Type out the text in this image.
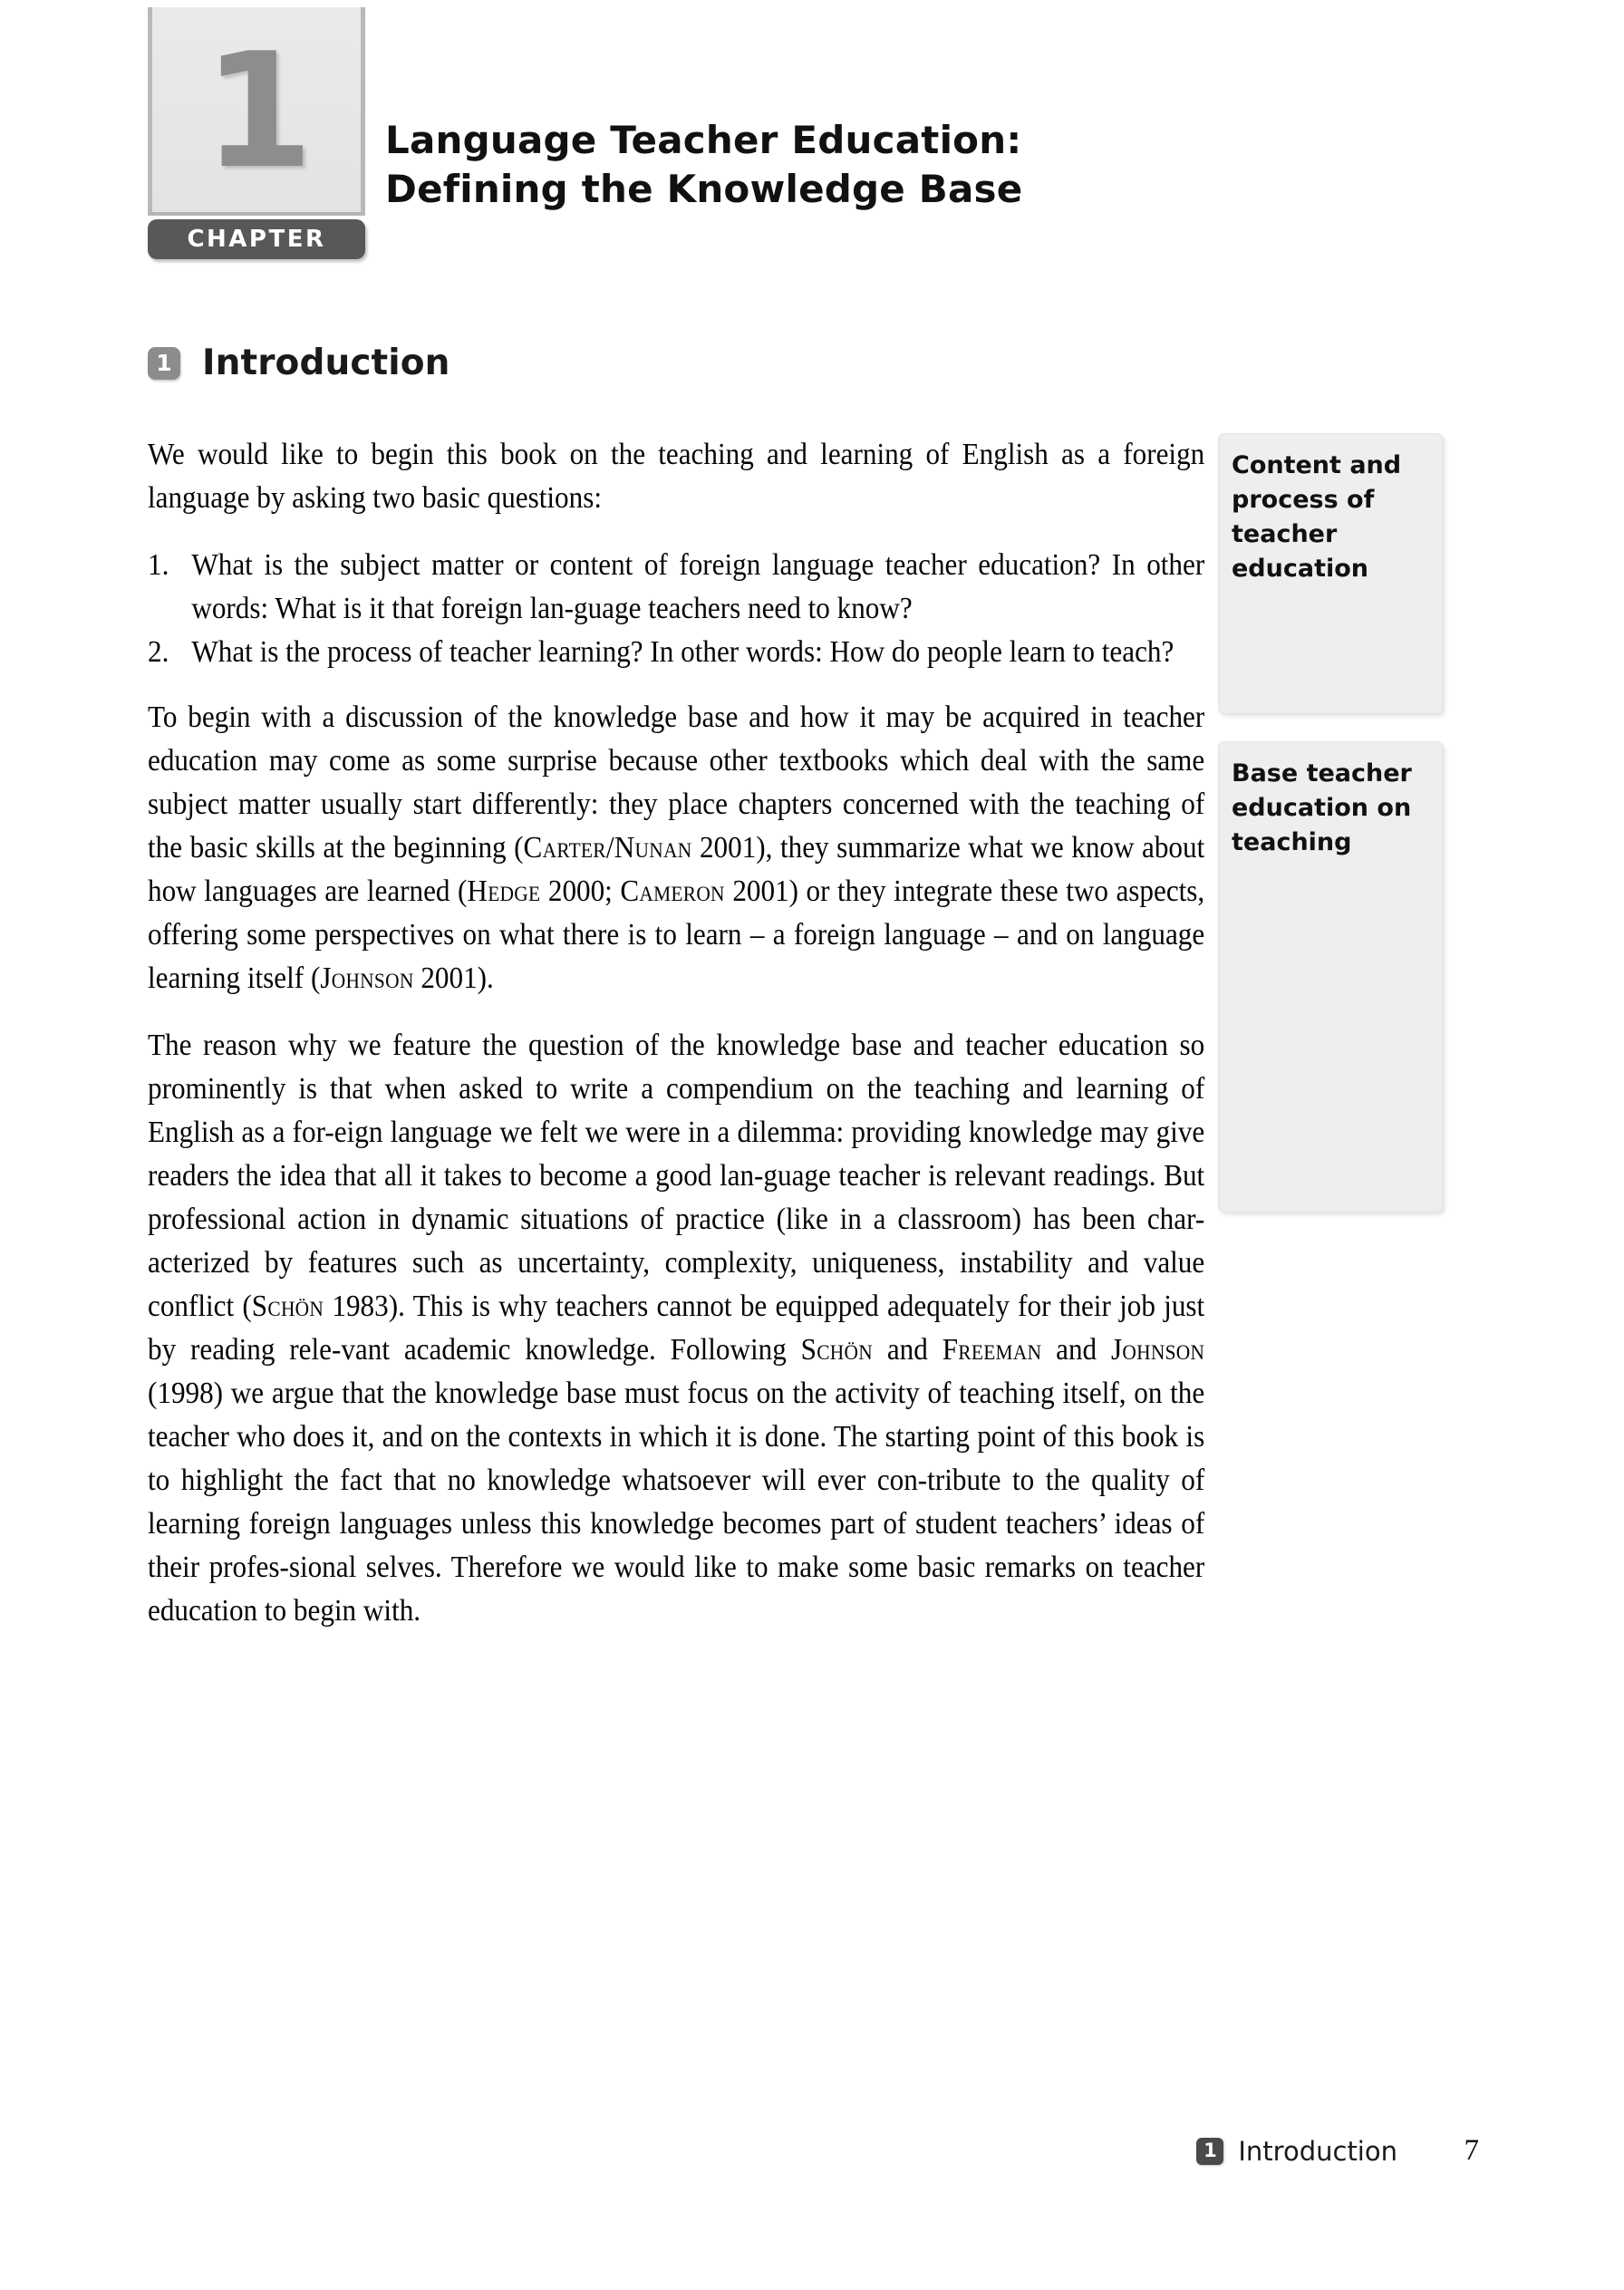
1
CHAPTER
Language Teacher Education:
Defining the Knowledge Base
1 Introduction

We would like to begin this book on the teaching and learning of English as a foreign language by asking two basic questions:

1. What is the subject matter or content of foreign language teacher education? In other words: What is it that foreign lan-guage teachers need to know?
2. What is the process of teacher learning? In other words: How do people learn to teach?

To begin with a discussion of the knowledge base and how it may be acquired in teacher education may come as some surprise because other textbooks which deal with the same subject matter usually start differently: they place chapters concerned with the teaching of the basic skills at the beginning (Carter/Nunan 2001), they summarize what we know about how languages are learned (Hedge 2000; Cameron 2001) or they integrate these two aspects, offering some perspectives on what there is to learn – a foreign language – and on language learning itself (Johnson 2001).

The reason why we feature the question of the knowledge base and teacher education so prominently is that when asked to write a compendium on the teaching and learning of English as a for-eign language we felt we were in a dilemma: providing knowledge may give readers the idea that all it takes to become a good lan-guage teacher is relevant readings. But professional action in dynamic situations of practice (like in a classroom) has been char-acterized by features such as uncertainty, complexity, uniqueness, instability and value conflict (Schön 1983). This is why teachers cannot be equipped adequately for their job just by reading rele-vant academic knowledge. Following Schön and Freeman and Johnson (1998) we argue that the knowledge base must focus on the activity of teaching itself, on the teacher who does it, and on the contexts in which it is done. The starting point of this book is to highlight the fact that no knowledge whatsoever will ever con-tribute to the quality of learning foreign languages unless this knowledge becomes part of student teachers’ ideas of their profes-sional selves. Therefore we would like to make some basic remarks on teacher education to begin with.

Content and process of teacher education
Base teacher education on teaching
1 Introduction	7
